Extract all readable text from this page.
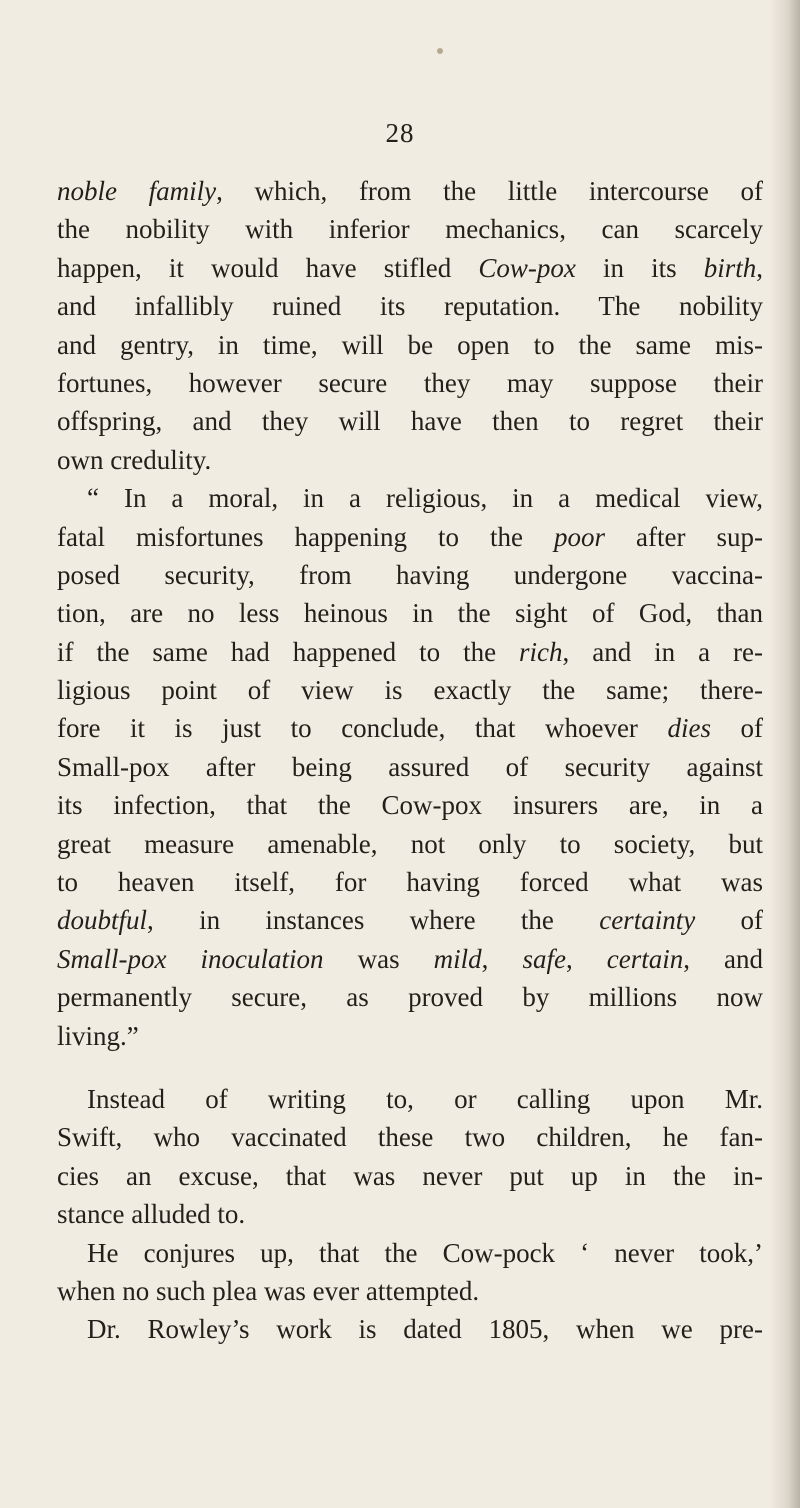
28
noble family, which, from the little intercourse of
the nobility with inferior mechanics, can scarcely
happen, it would have stifled Cow-pox in its birth,
and infallibly ruined its reputation. The nobility
and gentry, in time, will be open to the same mis-
fortunes, however secure they may suppose their
offspring, and they will have then to regret their
own credulity.
“ In a moral, in a religious, in a medical view,
fatal misfortunes happening to the poor after sup-
posed security, from having undergone vaccina-
tion, are no less heinous in the sight of God, than
if the same had happened to the rich, and in a re-
ligious point of view is exactly the same; there-
fore it is just to conclude, that whoever dies of
Small-pox after being assured of security against
its infection, that the Cow-pox insurers are, in a
great measure amenable, not only to society, but
to heaven itself, for having forced what was
doubtful, in instances where the certainty of
Small-pox inoculation was mild, safe, certain, and
permanently secure, as proved by millions now
living.”
Instead of writing to, or calling upon Mr.
Swift, who vaccinated these two children, he fan-
cies an excuse, that was never put up in the in-
stance alluded to.
He conjures up, that the Cow-pock ‘ never took,’
when no such plea was ever attempted.
Dr. Rowley’s work is dated 1805, when we pre-
